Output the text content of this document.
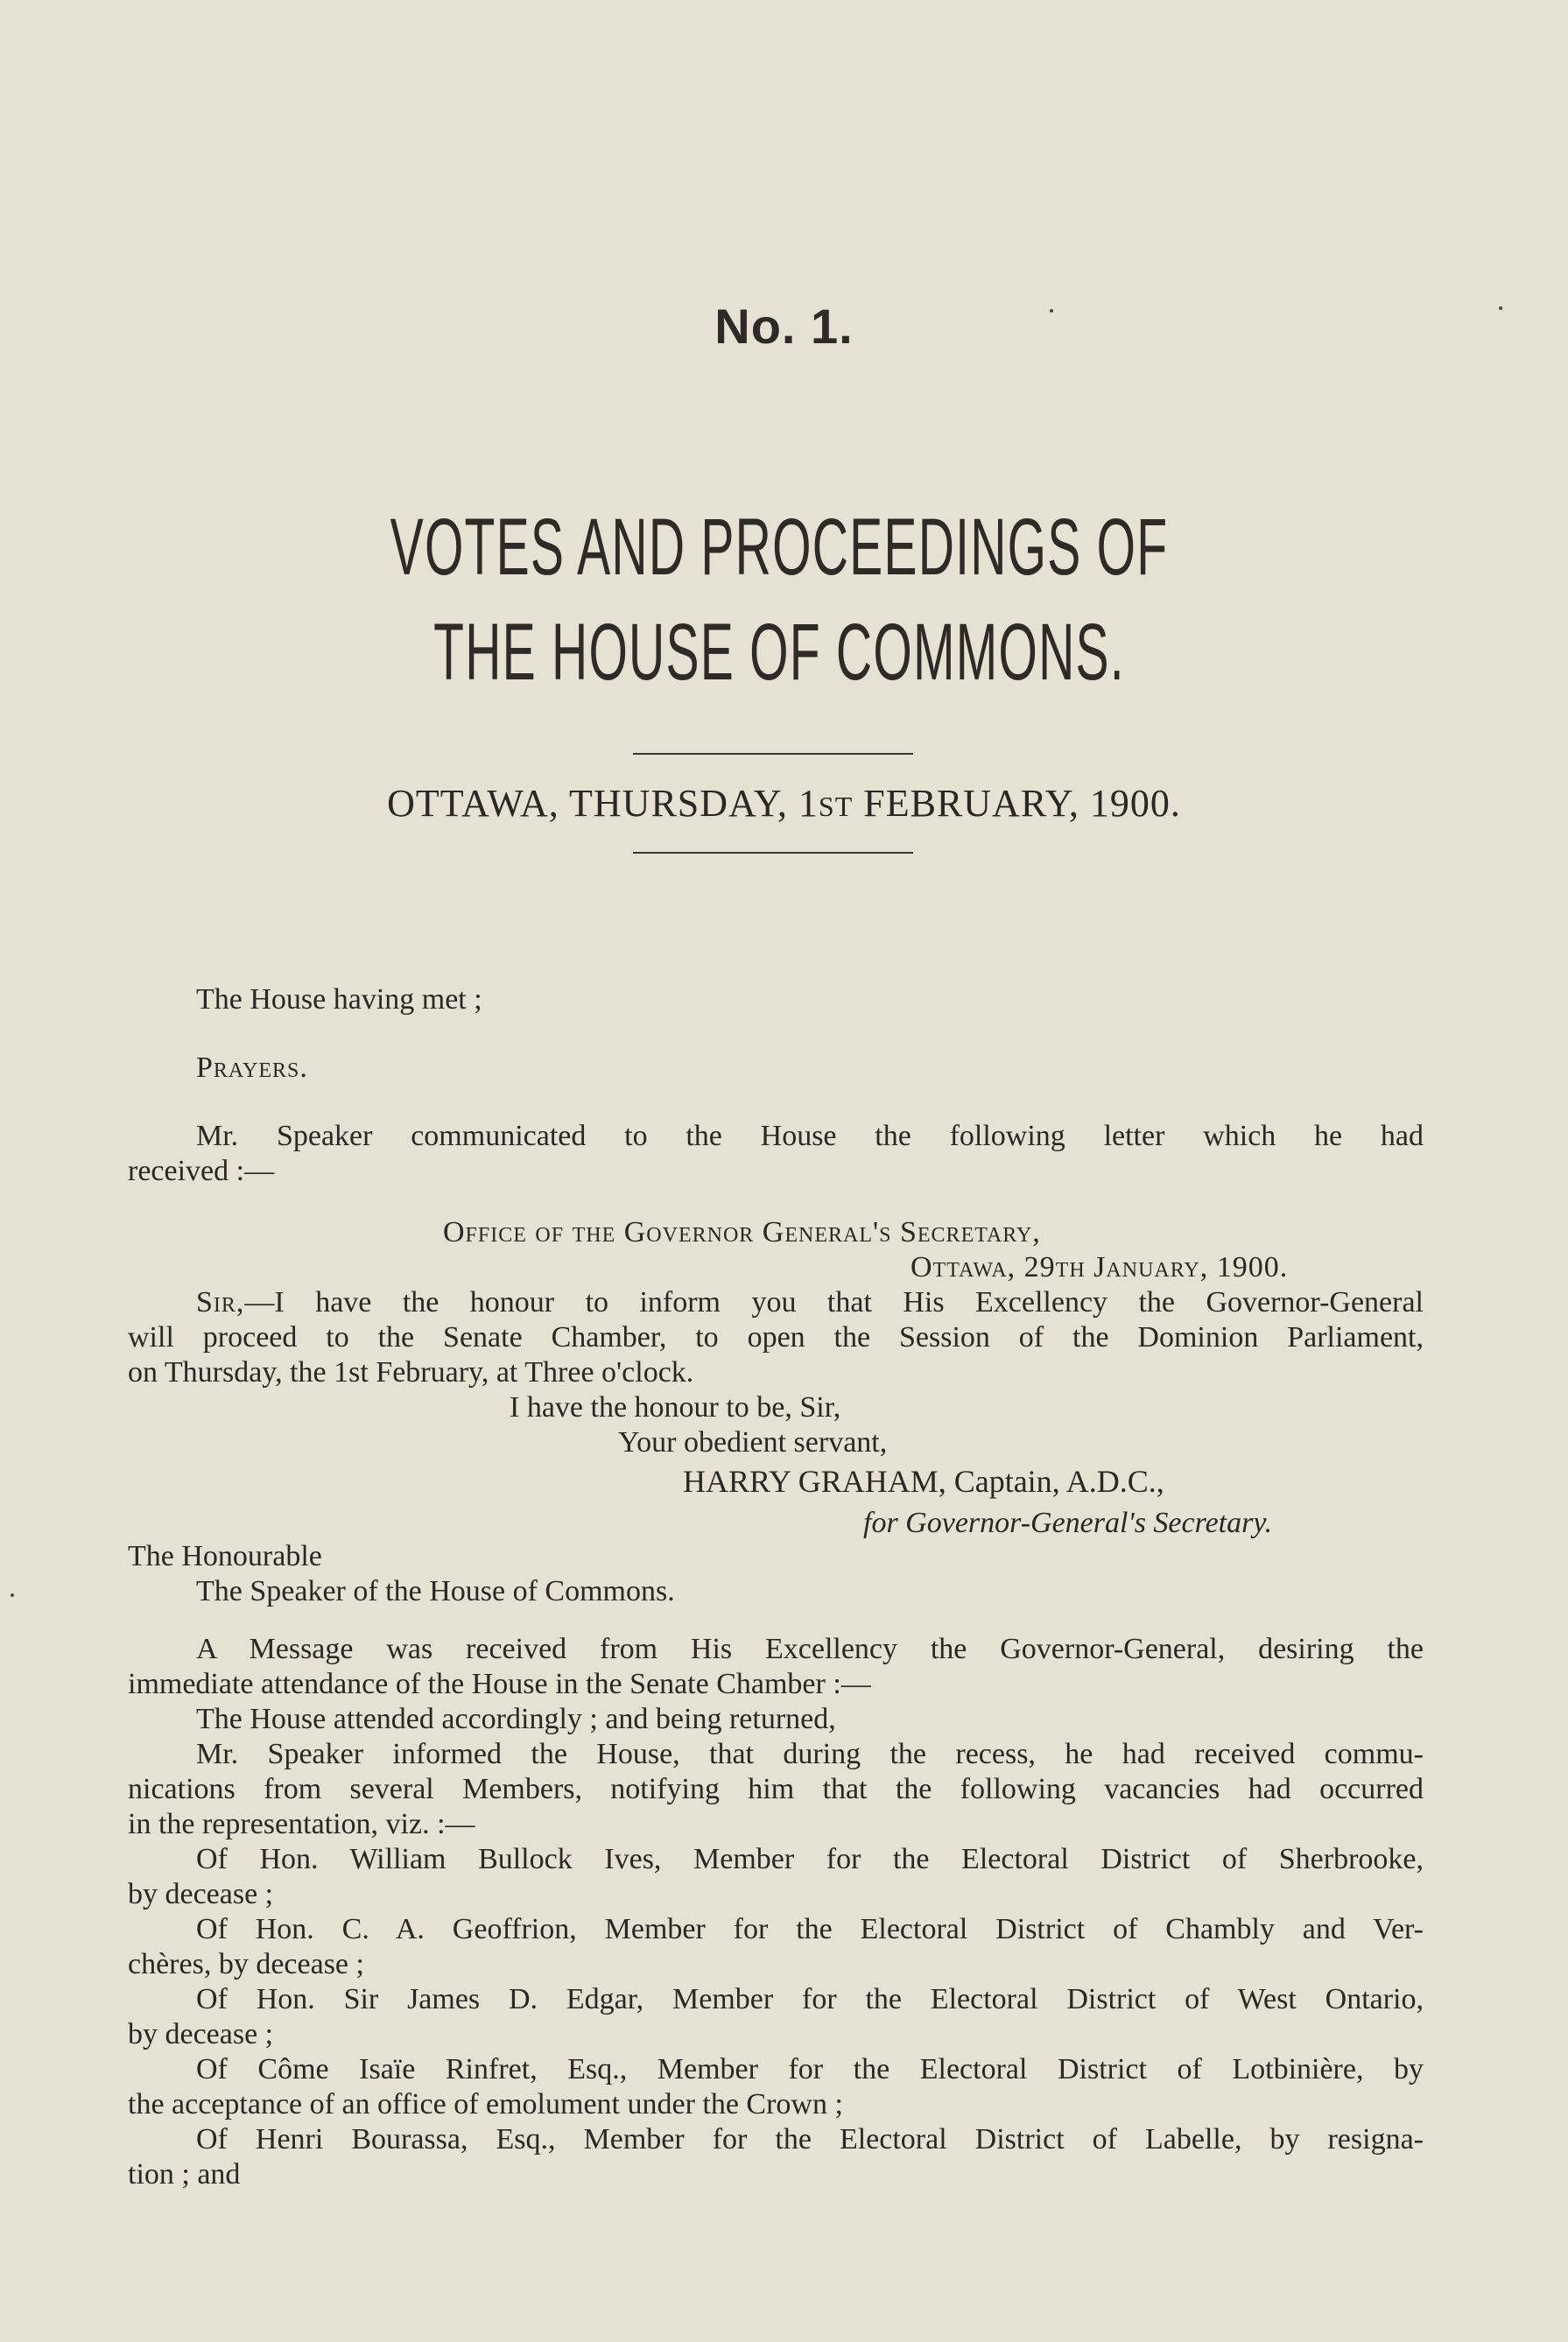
No. 1.
VOTES AND PROCEEDINGS OF THE HOUSE OF COMMONS.
OTTAWA, THURSDAY, 1ST FEBRUARY, 1900.
The House having met ;
Prayers.
Mr. Speaker communicated to the House the following letter which he had
received :—
Office of the Governor General's Secretary,
Ottawa, 29th January, 1900.
Sir,—I have the honour to inform you that His Excellency the Governor-General
will proceed to the Senate Chamber, to open the Session of the Dominion Parliament,
on Thursday, the 1st February, at Three o'clock.
I have the honour to be, Sir,
Your obedient servant,
HARRY GRAHAM, Captain, A.D.C.,
for Governor-General's Secretary.
The Honourable
The Speaker of the House of Commons.
A Message was received from His Excellency the Governor-General, desiring the
immediate attendance of the House in the Senate Chamber :—
The House attended accordingly ; and being returned,
Mr. Speaker informed the House, that during the recess, he had received commu-
nications from several Members, notifying him that the following vacancies had occurred
in the representation, viz. :—
Of Hon. William Bullock Ives, Member for the Electoral District of Sherbrooke,
by decease ;
Of Hon. C. A. Geoffrion, Member for the Electoral District of Chambly and Ver-
chères, by decease ;
Of Hon. Sir James D. Edgar, Member for the Electoral District of West Ontario,
by decease ;
Of Côme Isaïe Rinfret, Esq., Member for the Electoral District of Lotbinière, by
the acceptance of an office of emolument under the Crown ;
Of Henri Bourassa, Esq., Member for the Electoral District of Labelle, by resigna-
tion ; and
